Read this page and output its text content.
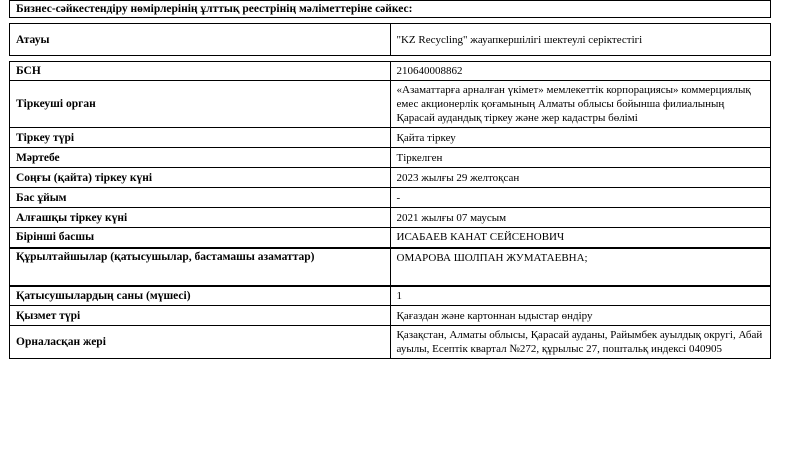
Бизнес-сәйкестендіру нөмірлерінің ұлттық реестрінің мәліметтеріне сәйкес:	

Атауы	"KZ Recycling" жауапкершілігі шектеулі серіктестігі

БСН	210640008862
Тіркеуші орган	«Азаматтарға арналған үкімет» мемлекеттік корпорациясы» коммерциялық емес акционерлік қоғамының Алматы облысы бойынша филиалының Қарасай аудандық тіркеу және жер кадастры бөлімі
Тіркеу түрі	Қайта тіркеу
Мәртебе	Тіркелген
Соңғы (қайта) тіркеу күні	2023 жылғы 29 желтоқсан
Бас ұйым	-
Алғашқы тіркеу күні	2021 жылғы 07 маусым
Бірінші басшы	ИСАБАЕВ КАНАТ СЕЙСЕНОВИЧ
Құрылтайшылар (қатысушылар, бастамашы азаматтар)	ОМАРОВА ШОЛПАН ЖУМАТАЕВНА;
Қатысушылардың саны (мүшесі)	1
Қызмет түрі	Қағаздан және картоннан ыдыстар өндіру
Орналасқан жері	Қазақстан, Алматы облысы, Қарасай ауданы, Райымбек ауылдық округі, Абай ауылы, Есептік квартал №272, құрылыс 27, поштальқ индексі 040905
